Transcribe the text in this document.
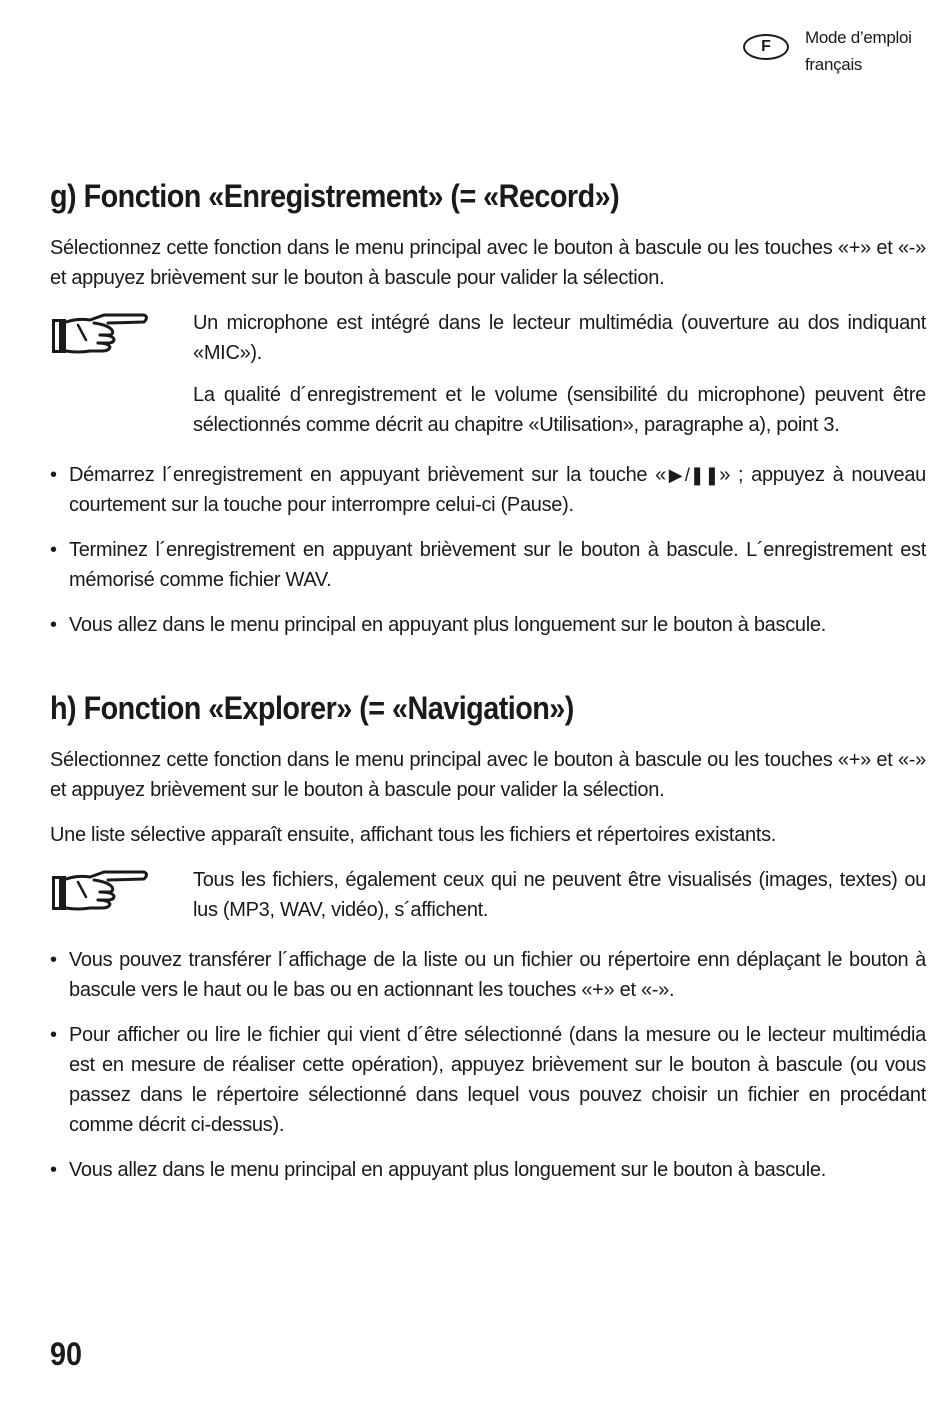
F	Mode d’emploi
français
g) Fonction «Enregistrement» (= «Record»)

Sélectionnez cette fonction dans le menu principal avec le bouton à bascule ou les touches «+» et «-» et appuyez brièvement sur le bouton à bascule pour valider la sélection.

Un microphone est intégré dans le lecteur multimédia (ouverture au dos indiquant «MIC»).

La qualité d´enregistrement et le volume (sensibilité du microphone) peuvent être sélectionnés comme décrit au chapitre «Utilisation», paragraphe a), point 3.

• Démarrez l´enregistrement en appuyant brièvement sur la touche «▶/❚❚» ; appuyez à nouveau courtement sur la touche pour interrompre celui-ci (Pause).

• Terminez l´enregistrement en appuyant brièvement sur le bouton à bascule. L´enregistrement est mémorisé comme fichier WAV.

• Vous allez dans le menu principal en appuyant plus longuement sur le bouton à bascule.

h) Fonction «Explorer» (= «Navigation»)

Sélectionnez cette fonction dans le menu principal avec le bouton à bascule ou les touches «+» et «-» et appuyez brièvement sur le bouton à bascule pour valider la sélection.

Une liste sélective apparaît ensuite, affichant tous les fichiers et répertoires existants.

Tous les fichiers, également ceux qui ne peuvent être visualisés (images, textes) ou lus (MP3, WAV, vidéo), s´affichent.

• Vous pouvez transférer l´affichage de la liste ou un fichier ou répertoire enn déplaçant le bouton à bascule vers le haut ou le bas ou en actionnant les touches «+» et «-».

• Pour afficher ou lire le fichier qui vient d´être sélectionné (dans la mesure ou le lecteur multimédia est en mesure de réaliser cette opération), appuyez brièvement sur le bouton à bascule (ou vous passez dans le répertoire sélectionné dans lequel vous pouvez choisir un fichier en procédant comme décrit ci-dessus).

• Vous allez dans le menu principal en appuyant plus longuement sur le bouton à bascule.

90
